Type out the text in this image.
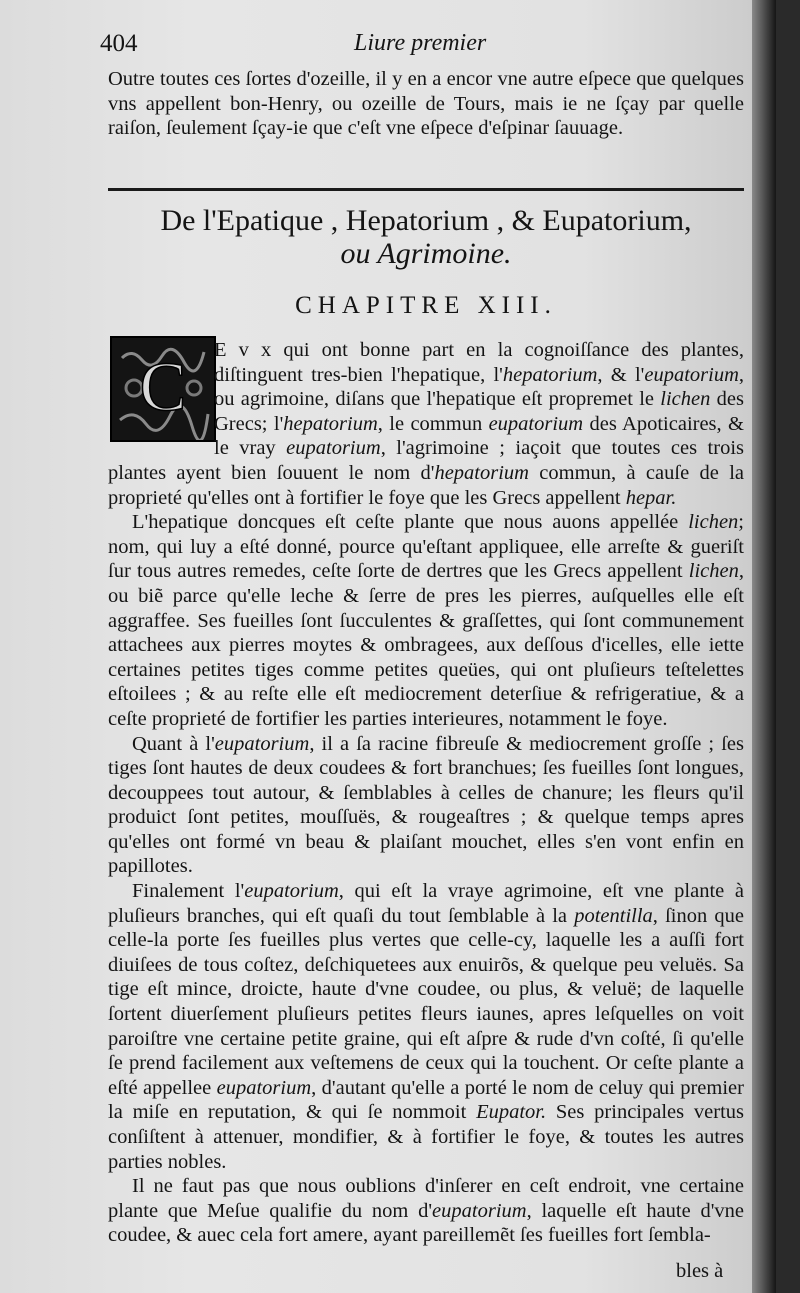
404	Liure premier
Outre toutes ces ſortes d'ozeille, il y en a encor vne autre eſpece que quelques vns appellent bon-Henry, ou ozeille de Tours, mais ie ne ſçay par quelle raiſon, ſeulement ſçay-ie que c'eſt vne eſpece d'eſpinar ſauuage.
De l'Epatique , Hepatorium , & Eupatorium,
ou Agrimoine.
CHAPITRE XIII.
C	E v x qui ont bonne part en la cognoiſſance des plantes, diſtinguent tres-bien l'hepatique, l'hepatorium, & l'eupatorium, ou agrimoine, diſans que l'hepatique eſt propremet le lichen des Grecs; l'hepatorium, le commun eupatorium des Apoticaires, & le vray eupatorium, l'agrimoine ; iaçoit que toutes ces trois plantes ayent bien ſouuent le nom d'hepatorium commun, à cauſe de la proprieté qu'elles ont à fortifier le foye que les Grecs appellent hepar.

L'hepatique doncques eſt ceſte plante que nous auons appellée lichen; nom, qui luy a eſté donné, pource qu'eſtant appliquee, elle arreſte & gueriſt ſur tous autres remedes, ceſte ſorte de dertres que les Grecs appellent lichen, ou biẽ parce qu'elle leche & ſerre de pres les pierres, auſquelles elle eſt aggraffee. Ses fueilles ſont ſucculentes & graſſettes, qui ſont communement attachees aux pierres moytes & ombragees, aux deſſous d'icelles, elle iette certaines petites tiges comme petites queües, qui ont pluſieurs teſtelettes eſtoilees ; & au reſte elle eſt mediocrement deterſiue & refrigeratiue, & a ceſte proprieté de fortifier les parties interieures, notamment le foye.

Quant à l'eupatorium, il a ſa racine fibreuſe & mediocrement groſſe ; ſes tiges ſont hautes de deux coudees & fort branchues; ſes fueilles ſont longues, decouppees tout autour, & ſemblables à celles de chanure; les fleurs qu'il produict ſont petites, mouſſuës, & rougeaſtres ; & quelque temps apres qu'elles ont formé vn beau & plaiſant mouchet, elles s'en vont enfin en papillotes.

Finalement l'eupatorium, qui eſt la vraye agrimoine, eſt vne plante à pluſieurs branches, qui eſt quaſi du tout ſemblable à la potentilla, ſinon que celle-la porte ſes fueilles plus vertes que celle-cy, laquelle les a auſſi fort diuiſees de tous coſtez, deſchiquetees aux enuirõs, & quelque peu veluës. Sa tige eſt mince, droicte, haute d'vne coudee, ou plus, & veluë; de laquelle ſortent diuerſement pluſieurs petites fleurs iaunes, apres leſquelles on voit paroiſtre vne certaine petite graine, qui eſt aſpre & rude d'vn coſté, ſi qu'elle ſe prend facilement aux veſtemens de ceux qui la touchent. Or ceſte plante a eſté appellee eupatorium, d'autant qu'elle a porté le nom de celuy qui premier la miſe en reputation, & qui ſe nommoit Eupator. Ses principales vertus conſiſtent à attenuer, mondifier, & à fortifier le foye, & toutes les autres parties nobles.

Il ne faut pas que nous oublions d'inſerer en ceſt endroit, vne certaine plante que Meſue qualifie du nom d'eupatorium, laquelle eſt haute d'vne coudee, & auec cela fort amere, ayant pareillemẽt ſes fueilles fort ſembla-

bles à
